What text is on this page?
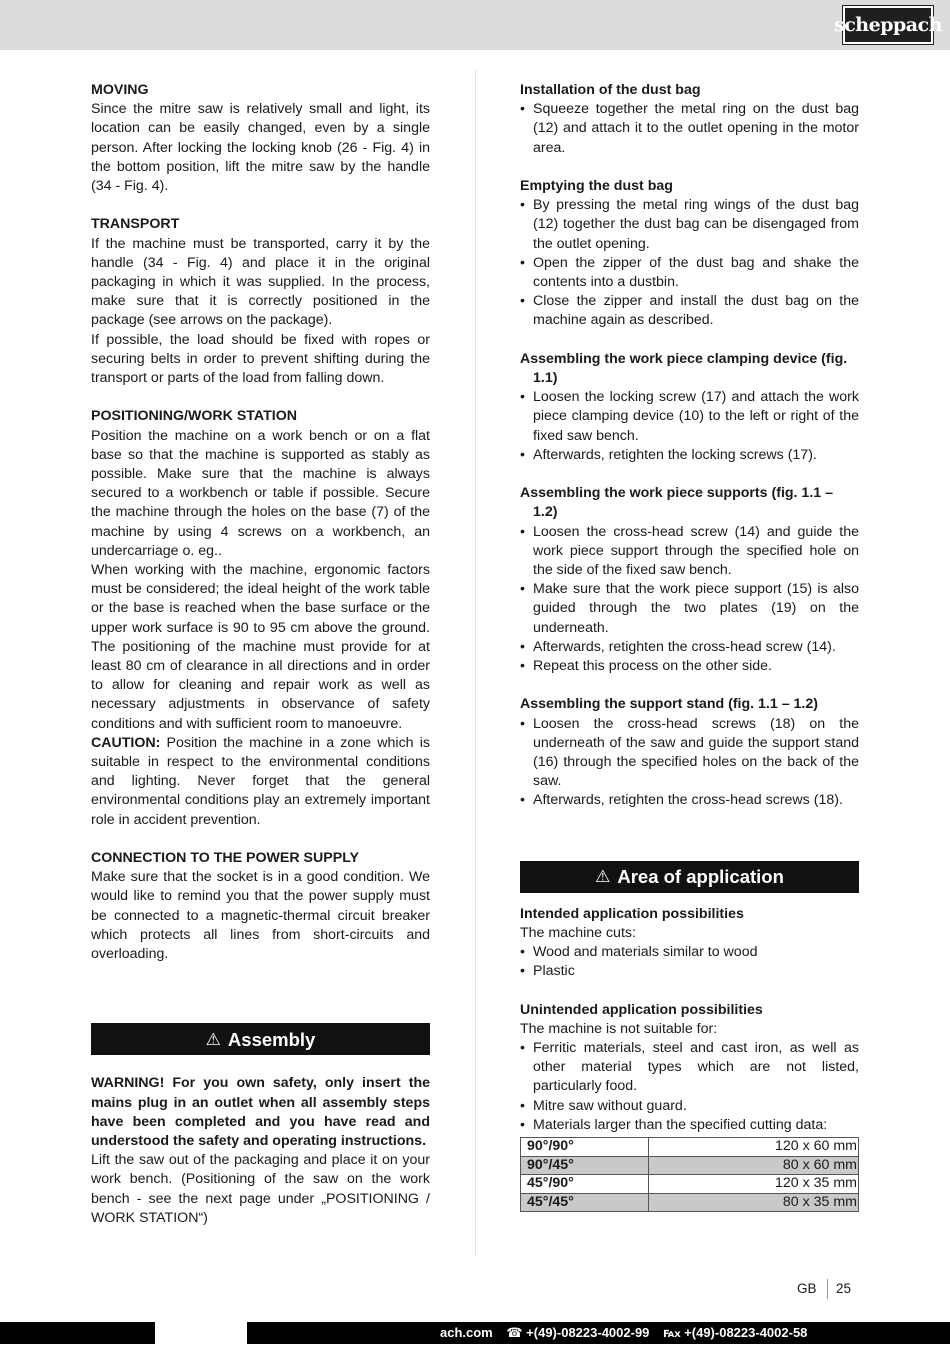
scheppach
MOVING
Since the mitre saw is relatively small and light, its location can be easily changed, even by a single person. After locking the locking knob (26 - Fig. 4) in the bottom position, lift the mitre saw by the handle (34 - Fig. 4).
TRANSPORT
If the machine must be transported, carry it by the handle (34 - Fig. 4) and place it in the original packaging in which it was supplied. In the process, make sure that it is correctly positioned in the package (see arrows on the package).
If possible, the load should be fixed with ropes or securing belts in order to prevent shifting during the transport or parts of the load from falling down.
POSITIONING/WORK STATION
Position the machine on a work bench or on a flat base so that the machine is supported as stably as possible. Make sure that the machine is always secured to a workbench or table if possible. Secure the machine through the holes on the base (7) of the machine by using 4 screws on a workbench, an undercarriage o. eg..
When working with the machine, ergonomic factors must be considered; the ideal height of the work table or the base is reached when the base surface or the upper work surface is 90 to 95 cm above the ground. The positioning of the machine must provide for at least 80 cm of clearance in all directions and in order to allow for cleaning and repair work as well as necessary adjustments in observance of safety conditions and with sufficient room to manoeuvre.
CAUTION: Position the machine in a zone which is suitable in respect to the environmental conditions and lighting. Never forget that the general environmental conditions play an extremely important role in accident prevention.
CONNECTION TO THE POWER SUPPLY
Make sure that the socket is in a good condition. We would like to remind you that the power supply must be connected to a magnetic-thermal circuit breaker which protects all lines from short-circuits and overloading.
⚠ Assembly
WARNING! For you own safety, only insert the mains plug in an outlet when all assembly steps have been completed and you have read and understood the safety and operating instructions.
Lift the saw out of the packaging and place it on your work bench. (Positioning of the saw on the work bench - see the next page under „POSITIONING / WORK STATION“)
Installation of the dust bag
• Squeeze together the metal ring on the dust bag (12) and attach it to the outlet opening in the motor area.
Emptying the dust bag
• By pressing the metal ring wings of the dust bag (12) together the dust bag can be disengaged from the outlet opening.
• Open the zipper of the dust bag and shake the contents into a dustbin.
• Close the zipper and install the dust bag on the machine again as described.
Assembling the work piece clamping device (fig. 1.1)
• Loosen the locking screw (17) and attach the work piece clamping device (10) to the left or right of the fixed saw bench.
• Afterwards, retighten the locking screws (17).
Assembling the work piece supports (fig. 1.1 – 1.2)
• Loosen the cross-head screw (14) and guide the work piece support through the specified hole on the side of the fixed saw bench.
• Make sure that the work piece support (15) is also guided through the two plates (19) on the underneath.
• Afterwards, retighten the cross-head screw (14).
• Repeat this process on the other side.
Assembling the support stand (fig. 1.1 – 1.2)
• Loosen the cross-head screws (18) on the underneath of the saw and guide the support stand (16) through the specified holes on the back of the saw.
• Afterwards, retighten the cross-head screws (18).
⚠ Area of application
Intended application possibilities
The machine cuts:
• Wood and materials similar to wood
• Plastic
Unintended application possibilities
The machine is not suitable for:
• Ferritic materials, steel and cast iron, as well as other material types which are not listed, particularly food.
• Mitre saw without guard.
• Materials larger than the specified cutting data:
90°/90°	120 x 60 mm
90°/45°	80 x 60 mm
45°/90°	120 x 35 mm
45°/45°	80 x 35 mm
GB 25
ach.com ☎ +(49)-08223-4002-99 ℻ +(49)-08223-4002-58
